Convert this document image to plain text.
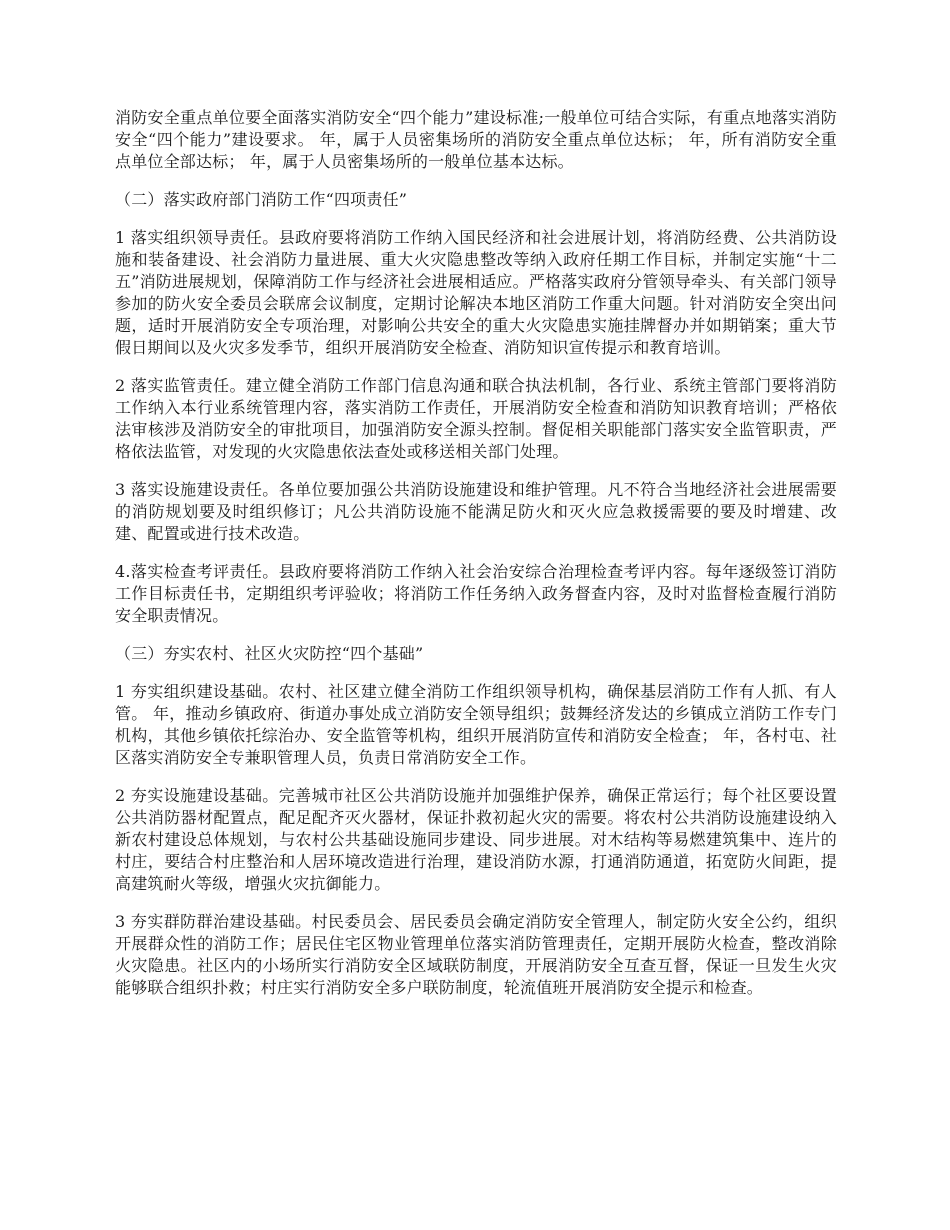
消防安全重点单位要全面落实消防安全“四个能力”建设标准;一般单位可结合实际，有重点地落实消防安全“四个能力”建设要求。 年，属于人员密集场所的消防安全重点单位达标； 年，所有消防安全重点单位全部达标； 年，属于人员密集场所的一般单位基本达标。

（二）落实政府部门消防工作“四项责任”

1 落实组织领导责任。县政府要将消防工作纳入国民经济和社会进展计划，将消防经费、公共消防设施和装备建设、社会消防力量进展、重大火灾隐患整改等纳入政府任期工作目标，并制定实施“十二五”消防进展规划，保障消防工作与经济社会进展相适应。严格落实政府分管领导牵头、有关部门领导参加的防火安全委员会联席会议制度，定期讨论解决本地区消防工作重大问题。针对消防安全突出问题，适时开展消防安全专项治理，对影响公共安全的重大火灾隐患实施挂牌督办并如期销案；重大节假日期间以及火灾多发季节，组织开展消防安全检查、消防知识宣传提示和教育培训。

2 落实监管责任。建立健全消防工作部门信息沟通和联合执法机制，各行业、系统主管部门要将消防工作纳入本行业系统管理内容，落实消防工作责任，开展消防安全检查和消防知识教育培训；严格依法审核涉及消防安全的审批项目，加强消防安全源头控制。督促相关职能部门落实安全监管职责，严格依法监管，对发现的火灾隐患依法查处或移送相关部门处理。

3 落实设施建设责任。各单位要加强公共消防设施建设和维护管理。凡不符合当地经济社会进展需要的消防规划要及时组织修订；凡公共消防设施不能满足防火和灭火应急救援需要的要及时增建、改建、配置或进行技术改造。

4.落实检查考评责任。县政府要将消防工作纳入社会治安综合治理检查考评内容。每年逐级签订消防工作目标责任书，定期组织考评验收；将消防工作任务纳入政务督查内容，及时对监督检查履行消防安全职责情况。

（三）夯实农村、社区火灾防控“四个基础”

1 夯实组织建设基础。农村、社区建立健全消防工作组织领导机构，确保基层消防工作有人抓、有人管。 年，推动乡镇政府、街道办事处成立消防安全领导组织；鼓舞经济发达的乡镇成立消防工作专门机构，其他乡镇依托综治办、安全监管等机构，组织开展消防宣传和消防安全检查； 年，各村屯、社区落实消防安全专兼职管理人员，负责日常消防安全工作。

2 夯实设施建设基础。完善城市社区公共消防设施并加强维护保养，确保正常运行；每个社区要设置公共消防器材配置点，配足配齐灭火器材，保证扑救初起火灾的需要。将农村公共消防设施建设纳入新农村建设总体规划，与农村公共基础设施同步建设、同步进展。对木结构等易燃建筑集中、连片的村庄，要结合村庄整治和人居环境改造进行治理，建设消防水源，打通消防通道，拓宽防火间距，提高建筑耐火等级，增强火灾抗御能力。

3 夯实群防群治建设基础。村民委员会、居民委员会确定消防安全管理人，制定防火安全公约，组织开展群众性的消防工作；居民住宅区物业管理单位落实消防管理责任，定期开展防火检查，整改消除火灾隐患。社区内的小场所实行消防安全区域联防制度，开展消防安全互查互督，保证一旦发生火灾能够联合组织扑救；村庄实行消防安全多户联防制度，轮流值班开展消防安全提示和检查。
